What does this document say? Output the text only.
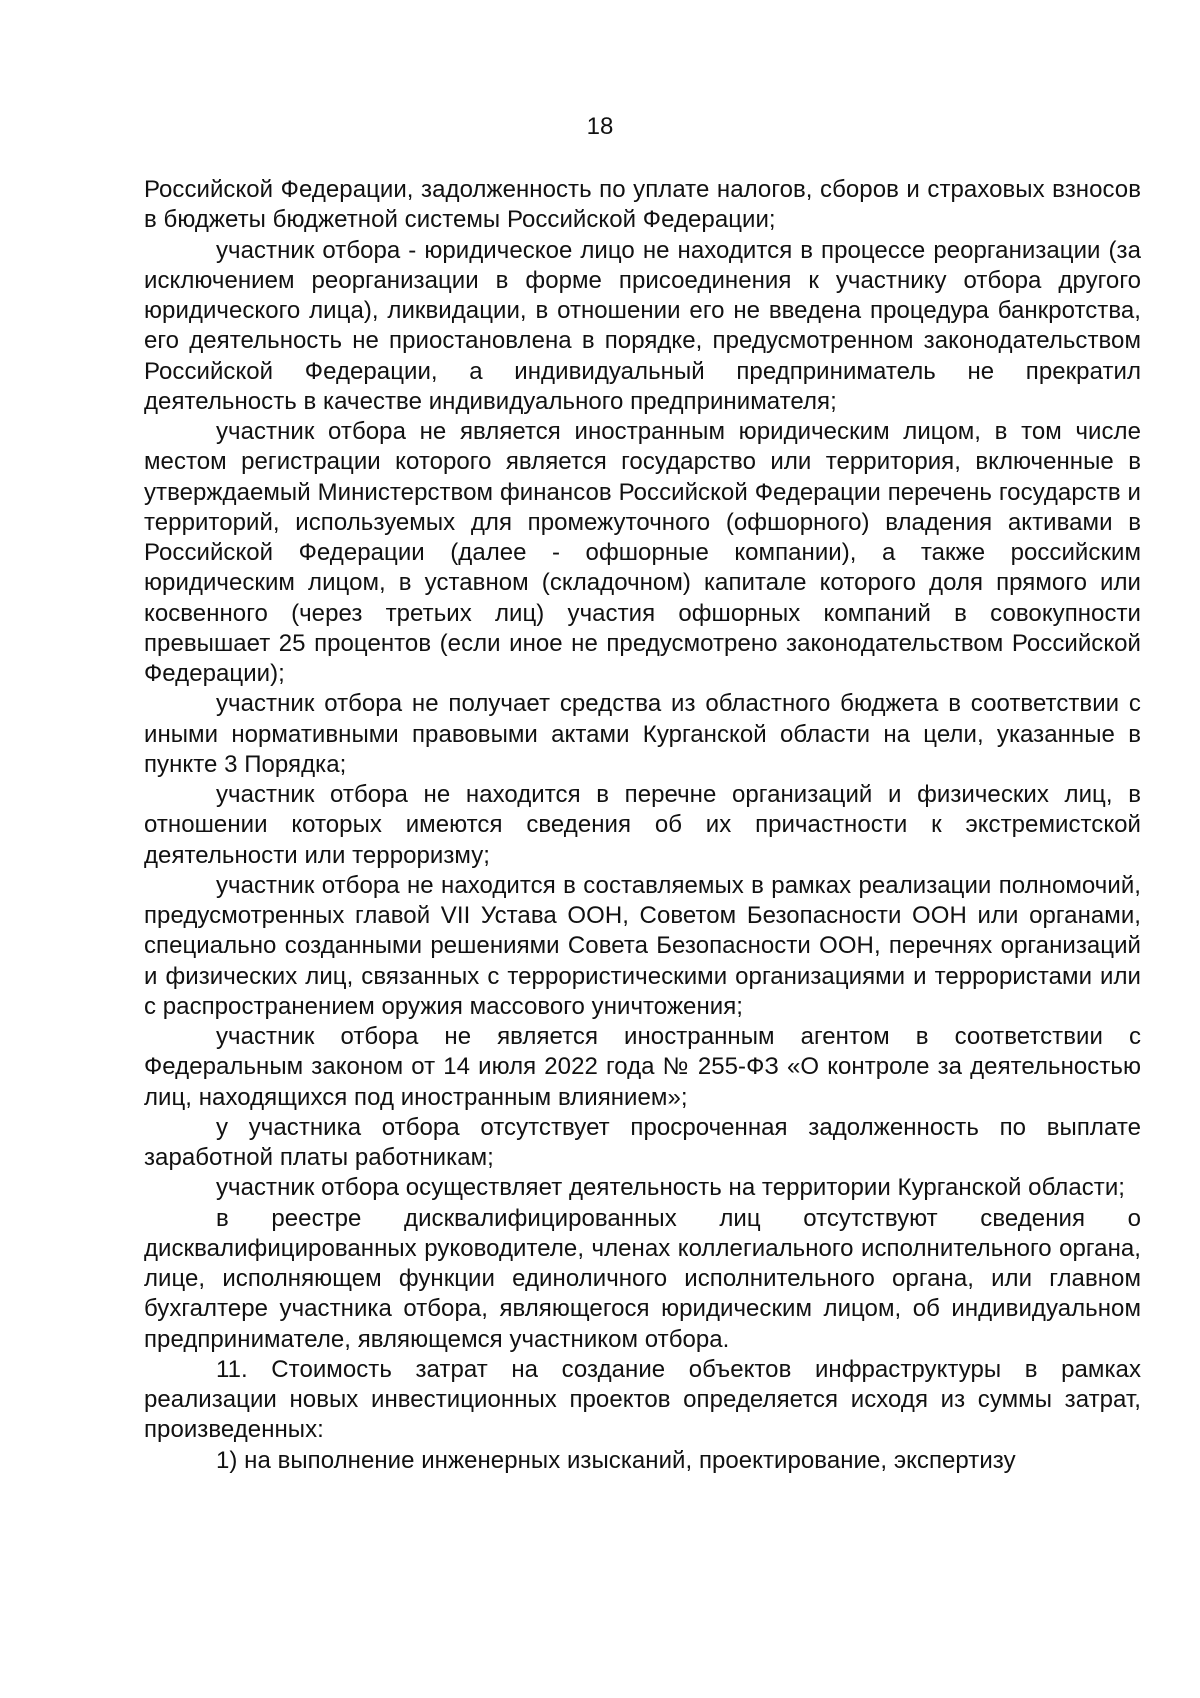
18

Российской Федерации, задолженность по уплате налогов, сборов и страховых взносов в бюджеты бюджетной системы Российской Федерации;

участник отбора - юридическое лицо не находится в процессе реорганизации (за исключением реорганизации в форме присоединения к участнику отбора другого юридического лица), ликвидации, в отношении его не введена процедура банкротства, его деятельность не приостановлена в порядке, предусмотренном законодательством Российской Федерации, а индивидуальный предприниматель не прекратил деятельность в качестве индивидуального предпринимателя;

участник отбора не является иностранным юридическим лицом, в том числе местом регистрации которого является государство или территория, включенные в утверждаемый Министерством финансов Российской Федерации перечень государств и территорий, используемых для промежуточного (офшорного) владения активами в Российской Федерации (далее - офшорные компании), а также российским юридическим лицом, в уставном (складочном) капитале которого доля прямого или косвенного (через третьих лиц) участия офшорных компаний в совокупности превышает 25 процентов (если иное не предусмотрено законодательством Российской Федерации);

участник отбора не получает средства из областного бюджета в соответствии с иными нормативными правовыми актами Курганской области на цели, указанные в пункте 3 Порядка;

участник отбора не находится в перечне организаций и физических лиц, в отношении которых имеются сведения об их причастности к экстремистской деятельности или терроризму;

участник отбора не находится в составляемых в рамках реализации полномочий, предусмотренных главой VII Устава ООН, Советом Безопасности ООН или органами, специально созданными решениями Совета Безопасности ООН, перечнях организаций и физических лиц, связанных с террористическими организациями и террористами или с распространением оружия массового уничтожения;

участник отбора не является иностранным агентом в соответствии с Федеральным законом от 14 июля 2022 года № 255-ФЗ «О контроле за деятельностью лиц, находящихся под иностранным влиянием»;

у участника отбора отсутствует просроченная задолженность по выплате заработной платы работникам;

участник отбора осуществляет деятельность на территории Курганской области;

в реестре дисквалифицированных лиц отсутствуют сведения о дисквалифицированных руководителе, членах коллегиального исполнительного органа, лице, исполняющем функции единоличного исполнительного органа, или главном бухгалтере участника отбора, являющегося юридическим лицом, об индивидуальном предпринимателе, являющемся участником отбора.

11. Стоимость затрат на создание объектов инфраструктуры в рамках реализации новых инвестиционных проектов определяется исходя из суммы затрат, произведенных:

1) на выполнение инженерных изысканий, проектирование, экспертизу
